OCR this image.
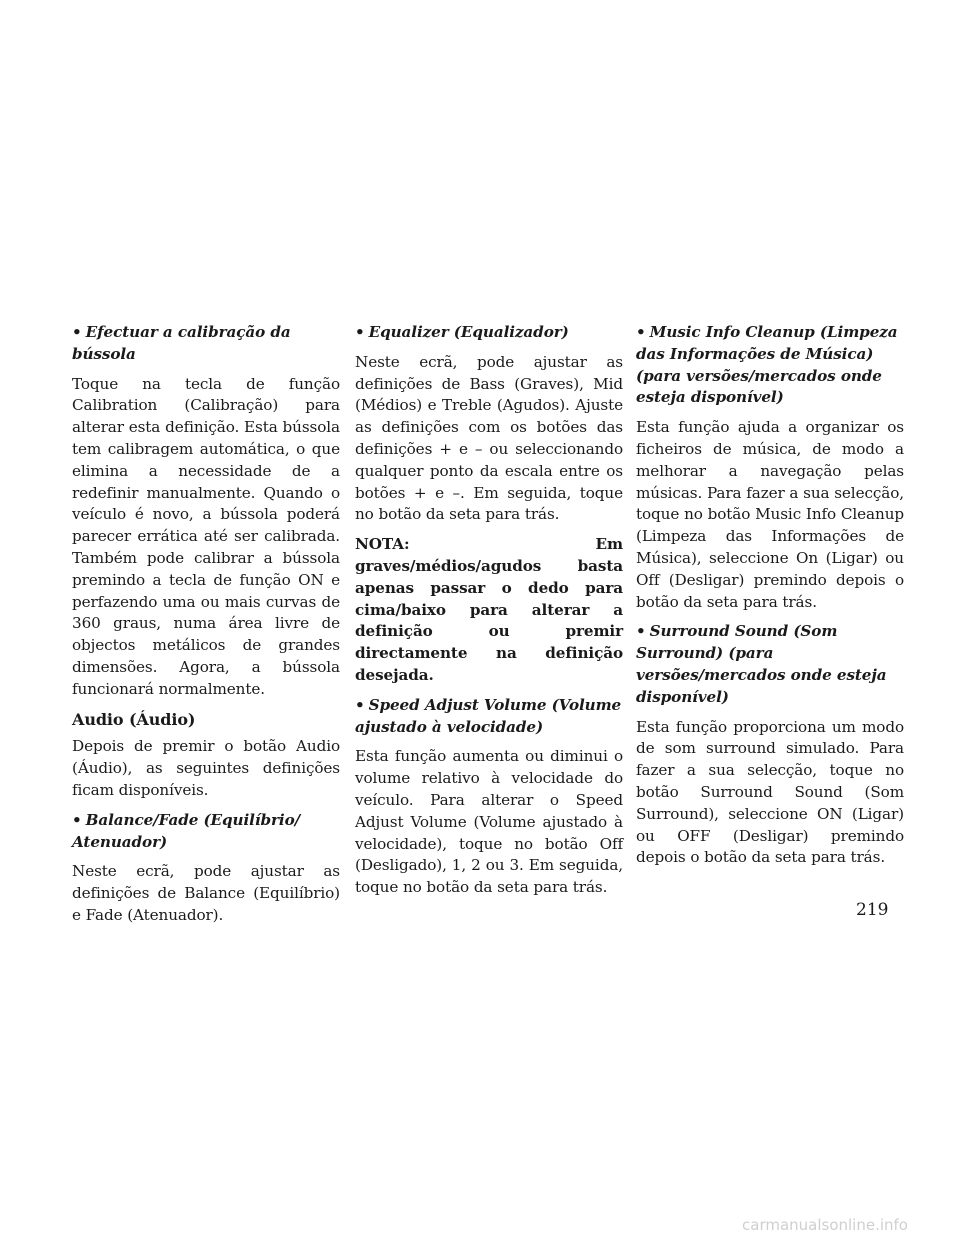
• Efectuar a calibração da bússola

Toque na tecla de função Calibration (Calibração) para alterar esta definição. Esta bússola tem calibragem automática, o que elimina a necessidade de a redefinir manualmente. Quando o veículo é novo, a bússola poderá parecer errática até ser calibrada. Também pode calibrar a bússola premindo a tecla de função ON e perfazendo uma ou mais curvas de 360 graus, numa área livre de objectos metálicos de grandes dimensões. Agora, a bússola funcionará normalmente.

Audio (Áudio)

Depois de premir o botão Audio (Áudio), as seguintes definições ficam disponíveis.

• Balance/Fade (Equilíbrio/ Atenuador)

Neste ecrã, pode ajustar as definições de Balance (Equilíbrio) e Fade (Atenuador).

• Equalizer (Equalizador)

Neste ecrã, pode ajustar as definições de Bass (Graves), Mid (Médios) e Treble (Agudos). Ajuste as definições com os botões das definições + e – ou seleccionando qualquer ponto da escala entre os botões + e –. Em seguida, toque no botão da seta para trás.

NOTA: Em graves/médios/agudos basta apenas passar o dedo para cima/baixo para alterar a definição ou premir directamente na definição desejada.

• Speed Adjust Volume (Volume ajustado à velocidade)

Esta função aumenta ou diminui o volume relativo à velocidade do veículo. Para alterar o Speed Adjust Volume (Volume ajustado à velocidade), toque no botão Off (Desligado), 1, 2 ou 3. Em seguida, toque no botão da seta para trás.

• Music Info Cleanup (Limpeza das Informações de Música) (para versões/mercados onde esteja disponível)

Esta função ajuda a organizar os ficheiros de música, de modo a melhorar a navegação pelas músicas. Para fazer a sua selecção, toque no botão Music Info Cleanup (Limpeza das Informações de Música), seleccione On (Ligar) ou Off (Desligar) premindo depois o botão da seta para trás.

• Surround Sound (Som Surround) (para versões/mercados onde esteja disponível)

Esta função proporciona um modo de som surround simulado. Para fazer a sua selecção, toque no botão Surround Sound (Som Surround), seleccione ON (Ligar) ou OFF (Desligar) premindo depois o botão da seta para trás.

219
carmanualsonline.info
